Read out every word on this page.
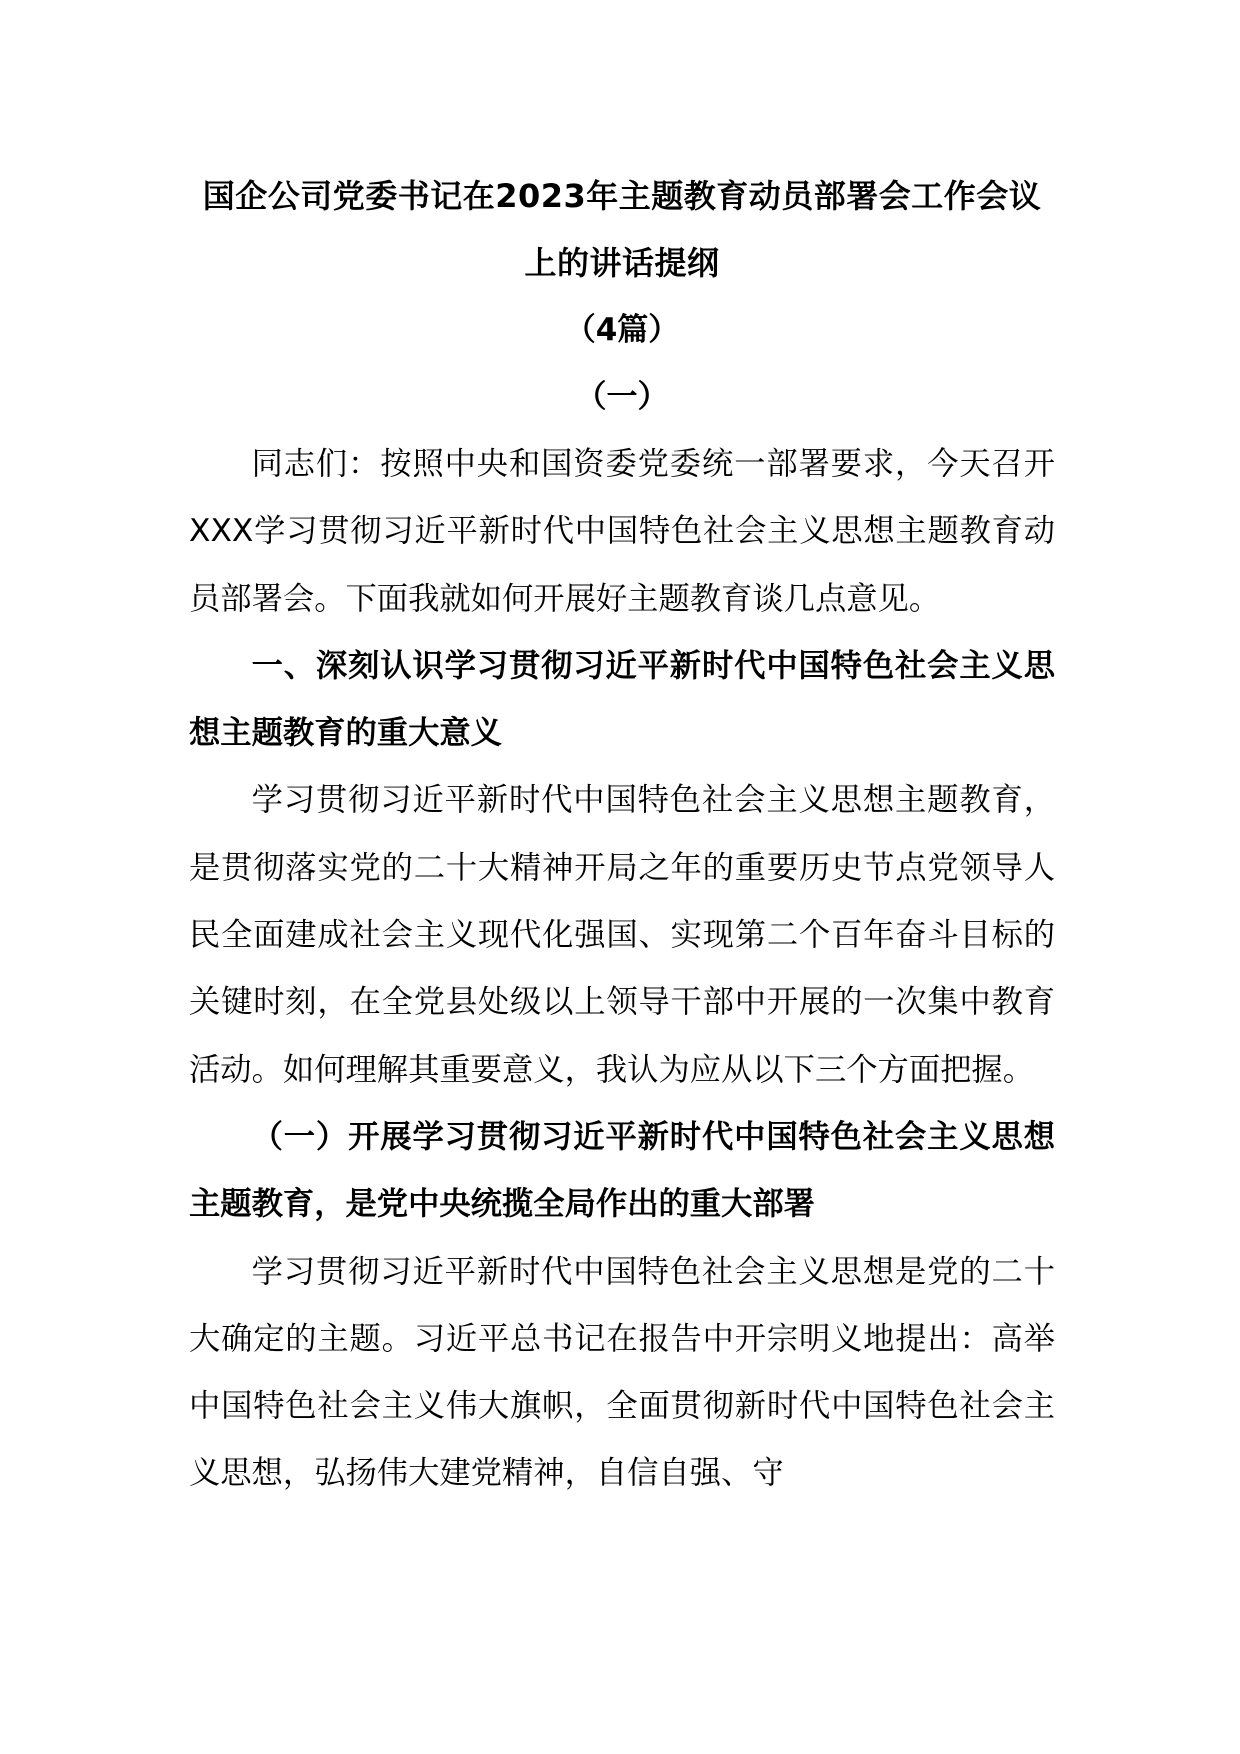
国企公司党委书记在2023年主题教育动员部署会工作会议上的讲话提纲

（4篇）

（一）

同志们：按照中央和国资委党委统一部署要求，今天召开XXX学习贯彻习近平新时代中国特色社会主义思想主题教育动员部署会。下面我就如何开展好主题教育谈几点意见。

一、深刻认识学习贯彻习近平新时代中国特色社会主义思想主题教育的重大意义

学习贯彻习近平新时代中国特色社会主义思想主题教育，是贯彻落实党的二十大精神开局之年的重要历史节点党领导人民全面建成社会主义现代化强国、实现第二个百年奋斗目标的关键时刻，在全党县处级以上领导干部中开展的一次集中教育活动。如何理解其重要意义，我认为应从以下三个方面把握。

（一）开展学习贯彻习近平新时代中国特色社会主义思想主题教育，是党中央统揽全局作出的重大部署

学习贯彻习近平新时代中国特色社会主义思想是党的二十大确定的主题。习近平总书记在报告中开宗明义地提出：高举中国特色社会主义伟大旗帜，全面贯彻新时代中国特色社会主义思想，弘扬伟大建党精神，自信自强、守
